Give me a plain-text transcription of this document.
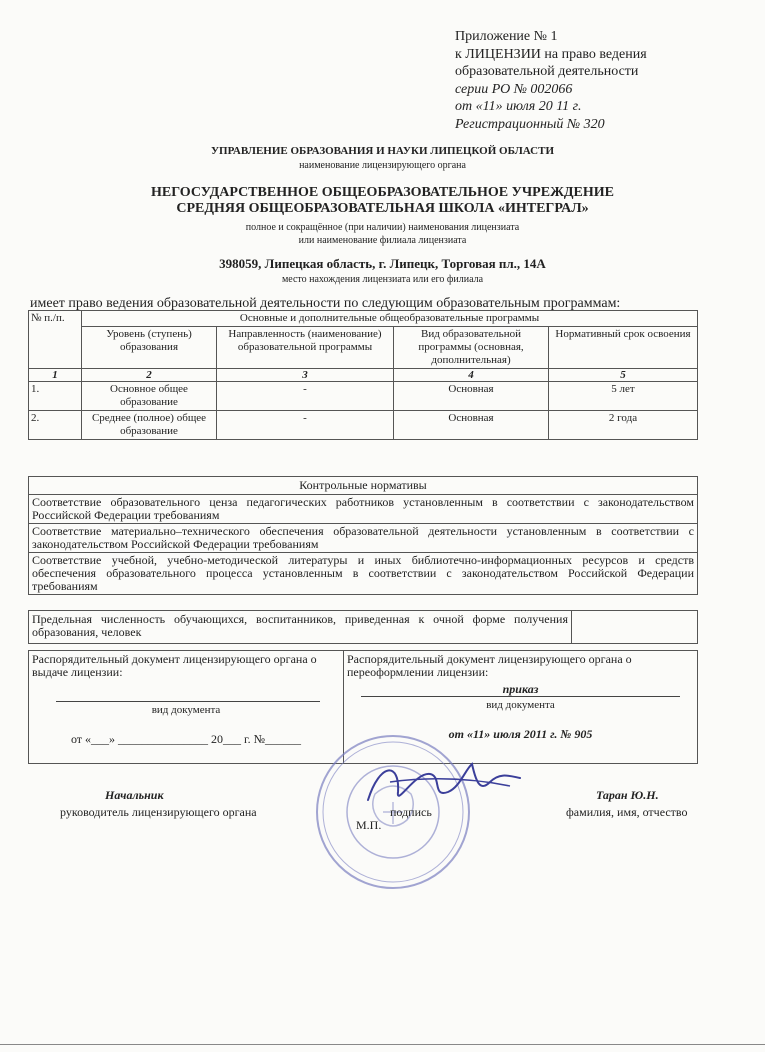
Приложение № 1
к ЛИЦЕНЗИИ на право ведения
образовательной деятельности
серии РО № 002066
от «11» июля 20 11 г.
Регистрационный № 320
УПРАВЛЕНИЕ ОБРАЗОВАНИЯ И НАУКИ ЛИПЕЦКОЙ ОБЛАСТИ
наименование лицензирующего органа
НЕГОСУДАРСТВЕННОЕ ОБЩЕОБРАЗОВАТЕЛЬНОЕ УЧРЕЖДЕНИЕ
СРЕДНЯЯ ОБЩЕОБРАЗОВАТЕЛЬНАЯ ШКОЛА «ИНТЕГРАЛ»
полное и сокращённое (при наличии) наименования лицензиата
или наименование филиала лицензиата
398059, Липецкая область, г. Липецк, Торговая пл., 14А
место нахождения лицензиата или его филиала
имеет право ведения образовательной деятельности по следующим образовательным программам:
№ п./п.	Основные и дополнительные общеобразовательные программы			
	Уровень (ступень) образования	Направленность (наименование) образовательной программы	Вид образовательной программы (основная, дополнительная)	Нормативный срок освоения
1	2	3	4	5
1.	Основное общее образование	-	Основная	5 лет
2.	Среднее (полное) общее образование	-	Основная	2 года
Контрольные нормативы
Соответствие образовательного ценза педагогических работников установленным в соответствии с законодательством Российской Федерации требованиям
Соответствие материально–технического обеспечения образовательной деятельности установленным в соответствии с законодательством Российской Федерации требованиям
Соответствие учебной, учебно-методической литературы и иных библиотечно-информационных ресурсов и средств обеспечения образовательного процесса установленным в соответствии с законодательством Российской Федерации требованиям
Предельная численность обучающихся, воспитанников, приведенная к очной форме получения образования, человек
Распорядительный документ лицензирующего органа о выдаче лицензии:
вид документа
от «___» _______________ 20___ г. №______
Распорядительный документ лицензирующего органа о переоформлении лицензии:
приказ
вид документа
от «11» июля 2011 г. № 905
Начальник
руководитель лицензирующего органа	подпись
Таран Ю.Н.
фамилия, имя, отчество
М.П.
